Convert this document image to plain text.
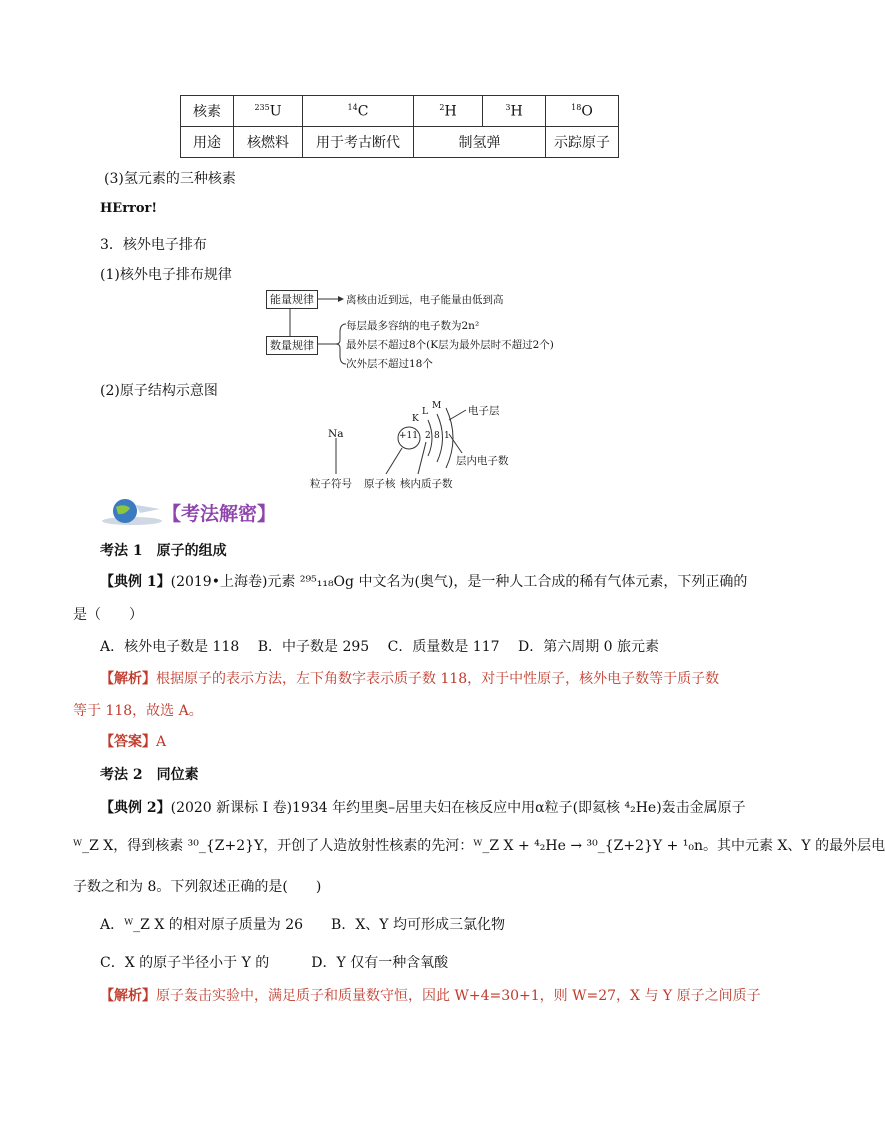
核素	$^{235}$U	$^{14}$C	$^2$H	$^3$H	$^{18}$O
用途	核燃料	用于考古断代	制氢弹		示踪原子
(3)氢元素的三种核素
HError!
3．核外电子排布
(1)核外电子排布规律
能量规律	离核由近到远，电子能量由低到高
数量规律
每层最多容纳的电子数为2n²
最外层不超过8个(K层为最外层时不超过2个)
次外层不超过18个
(2)原子结构示意图
Na	+11 2 8 1
K
L
M	电子层
层内电子数
粒子符号 原子核 核内质子数
【考法解密】
考法 1　原子的组成
【典例 1】(2019•上海卷)元素 ²⁹⁵₁₁₈Og 中文名为(奥气)，是一种人工合成的稀有气体元素，下列正确的
是（　　）
A．核外电子数是 118　 B．中子数是 295　 C．质量数是 117　 D．第六周期 0 旅元素
【解析】根据原子的表示方法，左下角数字表示质子数 118，对于中性原子，核外电子数等于质子数
等于 118，故选 A。
【答案】A
考法 2　同位素
【典例 2】(2020 新课标 I 卷)1934 年约里奥–居里夫妇在核反应中用α粒子(即氦核 ⁴₂He)轰击金属原子
ᵂ_Z X，得到核素 ³⁰_{Z+2}Y，开创了人造放射性核素的先河：ᵂ_Z X + ⁴₂He → ³⁰_{Z+2}Y + ¹₀n。其中元素 X、Y 的最外层电
子数之和为 8。下列叙述正确的是(　　)
A．ᵂ_Z X 的相对原子质量为 26　　B．X、Y 均可形成三氯化物
C．X 的原子半径小于 Y 的　　　D．Y 仅有一种含氧酸
【解析】原子轰击实验中，满足质子和质量数守恒，因此 W+4=30+1，则 W=27，X 与 Y 原子之间质子
